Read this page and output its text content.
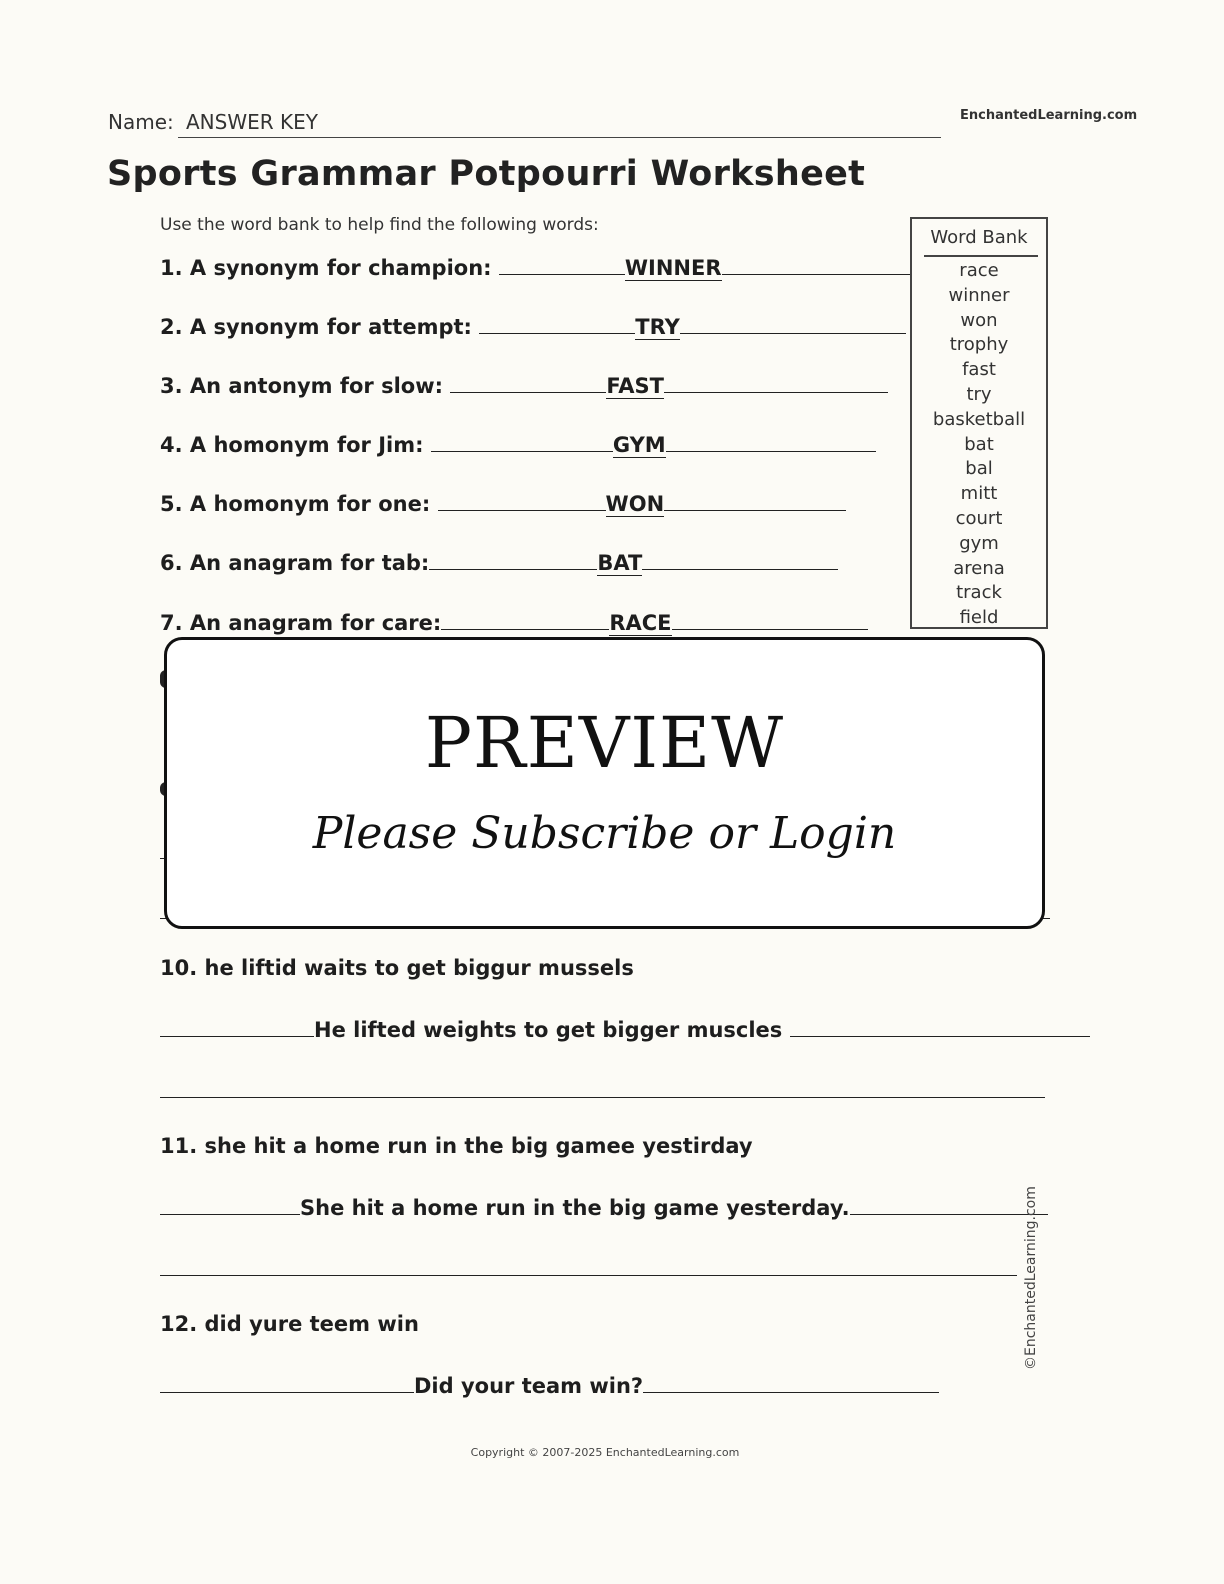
Name: ANSWER KEY	EnchantedLearning.com
Sports Grammar Potpourri Worksheet
Use the word bank to help find the following words:
1. A synonym for champion:	WINNER
2. A synonym for attempt:	TRY
3. An antonym for slow:	FAST
4. A homonym for Jim:	GYM
5. A homonym for one:	WON
6. An anagram for tab:	BAT
7. An anagram for care:	RACE
Word Bank
race
winner
won
trophy
fast
try
basketball
bat
bal
mitt
court
gym
arena
track
field
PREVIEW
Please Subscribe or Login
10. he liftid waits to get biggur mussels
He lifted weights to get bigger muscles
11. she hit a home run in the big gamee yestirday
She hit a home run in the big game yesterday.
12. did yure teem win
Did your team win?
©EnchantedLearning.com
Copyright © 2007-2025 EnchantedLearning.com
